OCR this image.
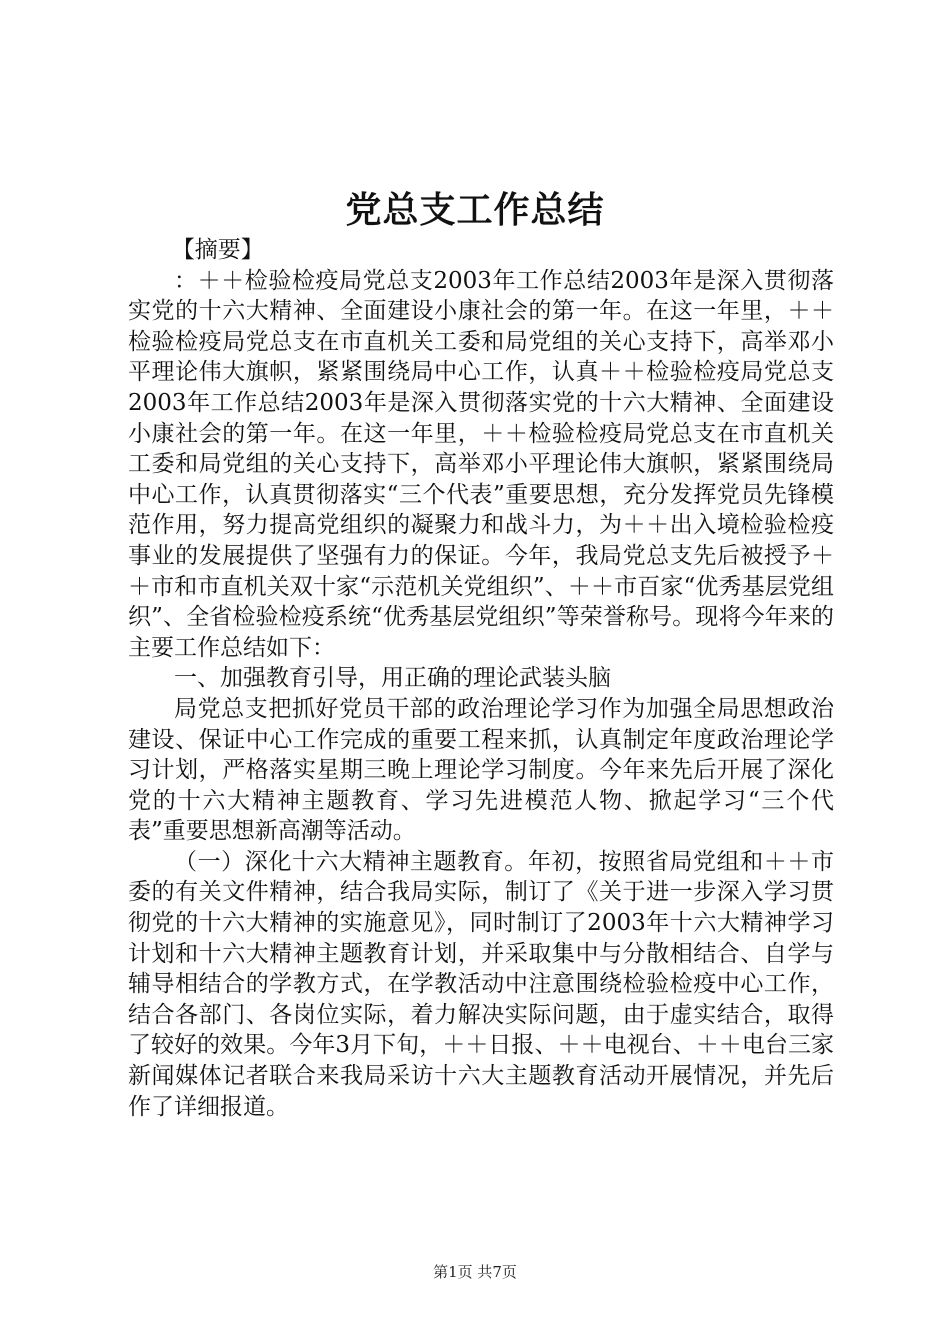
党总支工作总结

【摘要】

：＋＋检验检疫局党总支2003年工作总结2003年是深入贯彻落实党的十六大精神、全面建设小康社会的第一年。在这一年里，＋＋检验检疫局党总支在市直机关工委和局党组的关心支持下，高举邓小平理论伟大旗帜，紧紧围绕局中心工作，认真＋＋检验检疫局党总支2003年工作总结2003年是深入贯彻落实党的十六大精神、全面建设小康社会的第一年。在这一年里，＋＋检验检疫局党总支在市直机关工委和局党组的关心支持下，高举邓小平理论伟大旗帜，紧紧围绕局中心工作，认真贯彻落实“三个代表”重要思想，充分发挥党员先锋模范作用，努力提高党组织的凝聚力和战斗力，为＋＋出入境检验检疫事业的发展提供了坚强有力的保证。今年，我局党总支先后被授予＋＋市和市直机关双十家“示范机关党组织”、＋＋市百家“优秀基层党组织”、全省检验检疫系统“优秀基层党组织”等荣誉称号。现将今年来的主要工作总结如下：

一、加强教育引导，用正确的理论武装头脑

局党总支把抓好党员干部的政治理论学习作为加强全局思想政治建设、保证中心工作完成的重要工程来抓，认真制定年度政治理论学习计划，严格落实星期三晚上理论学习制度。今年来先后开展了深化党的十六大精神主题教育、学习先进模范人物、掀起学习“三个代表”重要思想新高潮等活动。

（一）深化十六大精神主题教育。年初，按照省局党组和＋＋市委的有关文件精神，结合我局实际，制订了《关于进一步深入学习贯彻党的十六大精神的实施意见》，同时制订了2003年十六大精神学习计划和十六大精神主题教育计划，并采取集中与分散相结合、自学与辅导相结合的学教方式，在学教活动中注意围绕检验检疫中心工作，结合各部门、各岗位实际，着力解决实际问题，由于虚实结合，取得了较好的效果。今年3月下旬，＋＋日报、＋＋电视台、＋＋电台三家新闻媒体记者联合来我局采访十六大主题教育活动开展情况，并先后作了详细报道。

第1页 共7页
